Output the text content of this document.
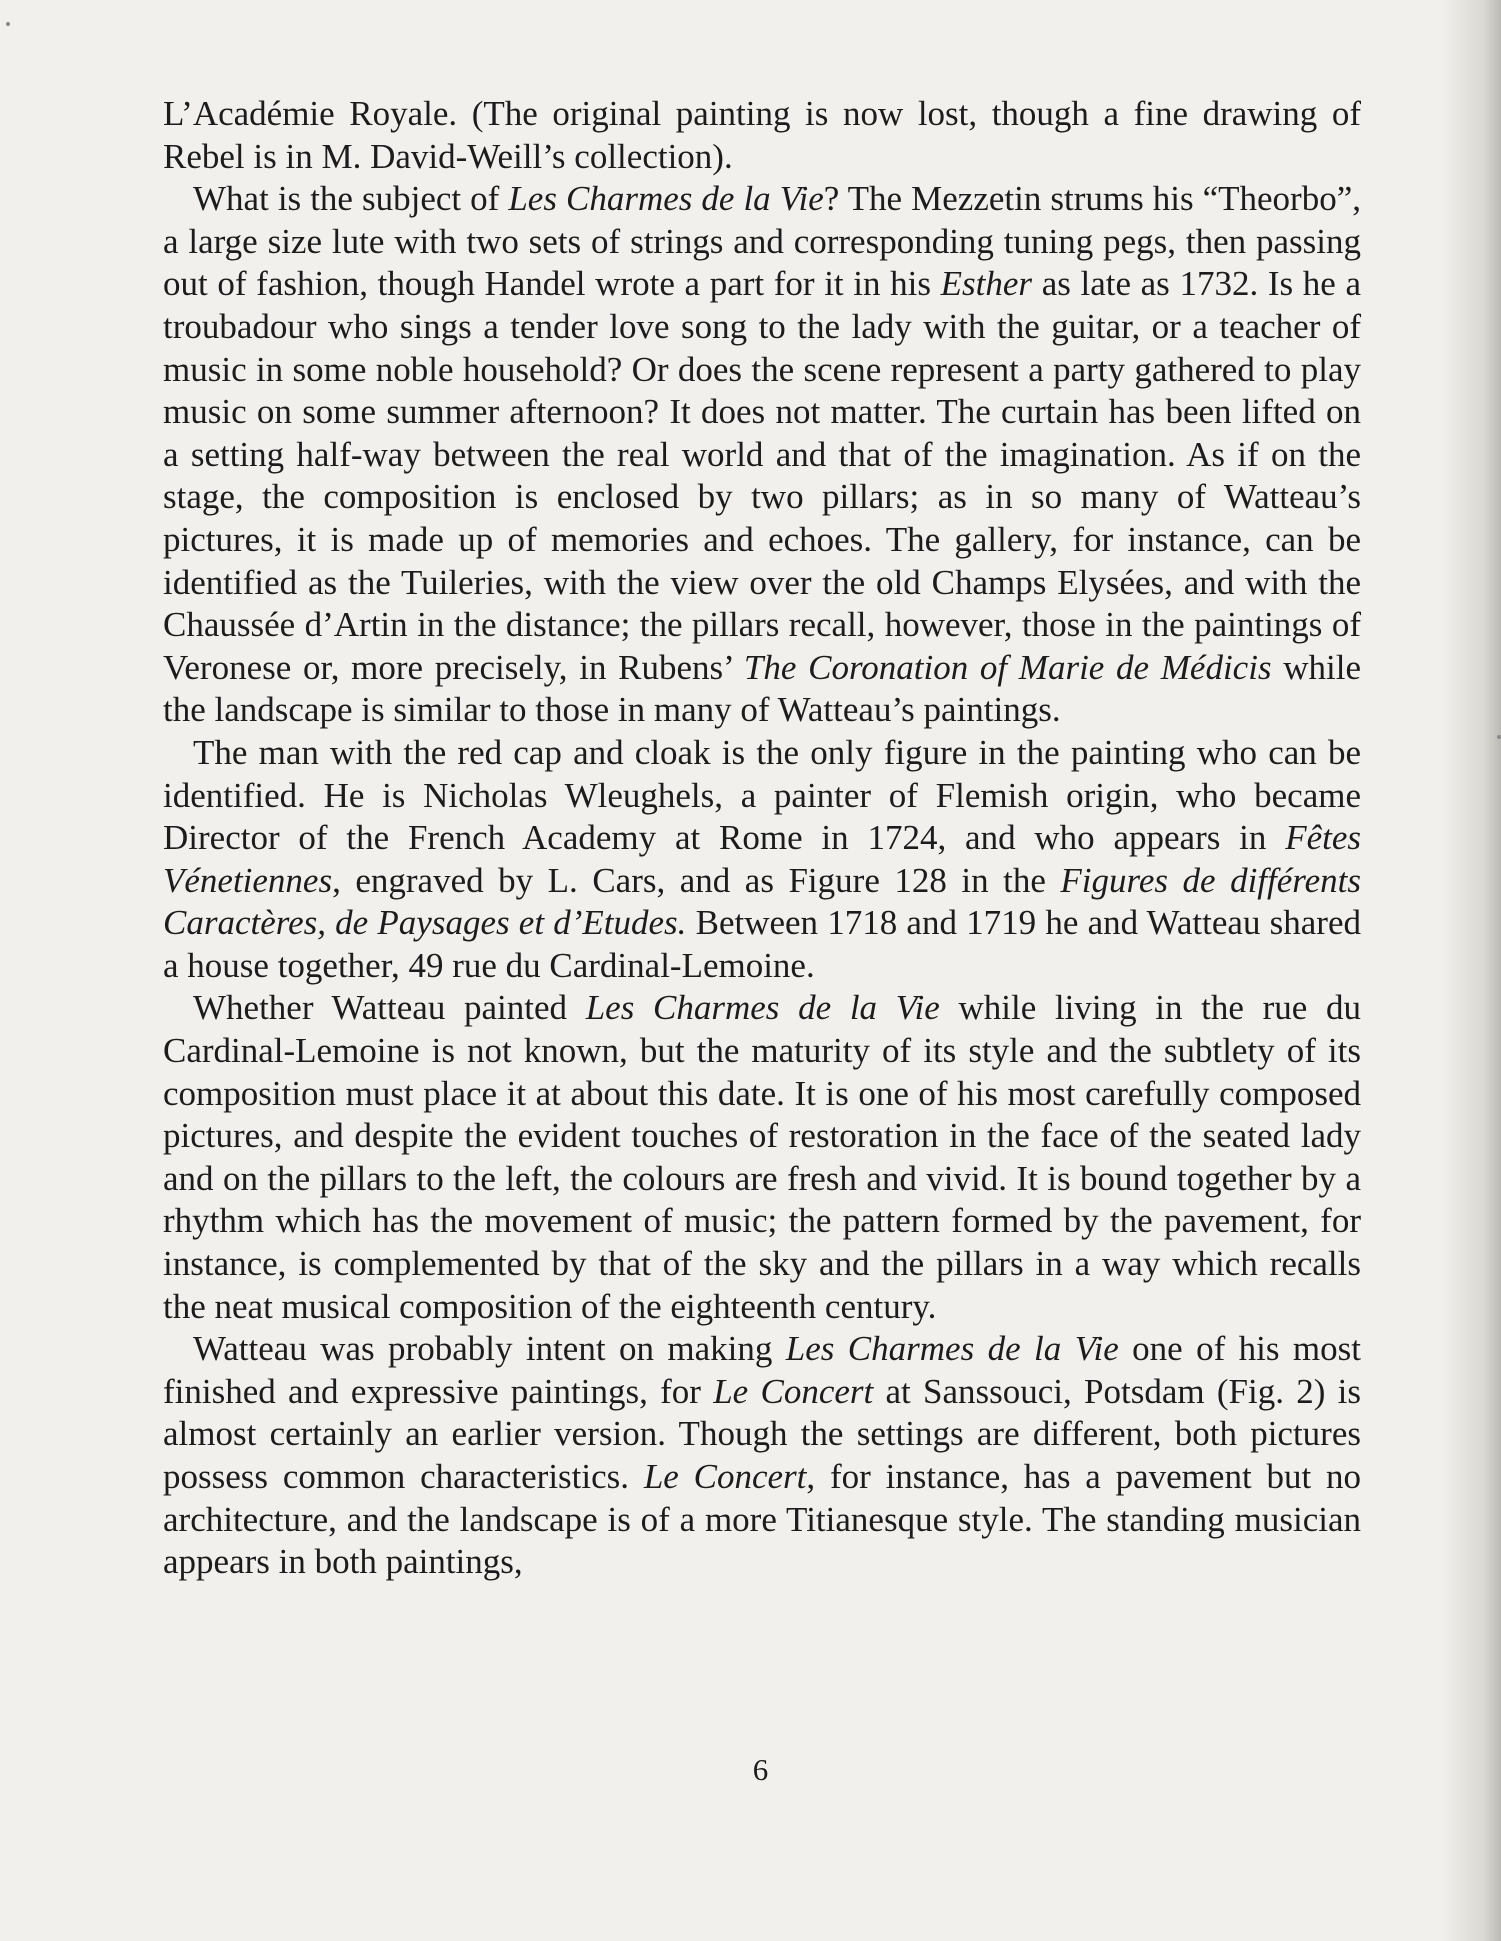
L’Académie Royale. (The original painting is now lost, though a fine drawing of Rebel is in M. David-Weill’s collection).

What is the subject of Les Charmes de la Vie? The Mezzetin strums his “Theorbo”, a large size lute with two sets of strings and corresponding tuning pegs, then passing out of fashion, though Handel wrote a part for it in his Esther as late as 1732. Is he a troubadour who sings a tender love song to the lady with the guitar, or a teacher of music in some noble household? Or does the scene represent a party gathered to play music on some summer afternoon? It does not matter. The curtain has been lifted on a setting half-way between the real world and that of the imagination. As if on the stage, the composition is enclosed by two pillars; as in so many of Watteau’s pictures, it is made up of memories and echoes. The gallery, for instance, can be identified as the Tuileries, with the view over the old Champs Elysées, and with the Chaussée d’Artin in the distance; the pillars recall, however, those in the paintings of Veronese or, more precisely, in Rubens’ The Coronation of Marie de Médicis while the landscape is similar to those in many of Watteau’s paintings.

The man with the red cap and cloak is the only figure in the painting who can be identified. He is Nicholas Wleughels, a painter of Flemish origin, who became Director of the French Academy at Rome in 1724, and who appears in Fêtes Vénetiennes, engraved by L. Cars, and as Figure 128 in the Figures de différents Caractères, de Paysages et d’Etudes. Between 1718 and 1719 he and Watteau shared a house together, 49 rue du Cardinal-Lemoine.

Whether Watteau painted Les Charmes de la Vie while living in the rue du Cardinal-Lemoine is not known, but the maturity of its style and the subtlety of its composition must place it at about this date. It is one of his most carefully composed pictures, and despite the evident touches of restoration in the face of the seated lady and on the pillars to the left, the colours are fresh and vivid. It is bound together by a rhythm which has the movement of music; the pattern formed by the pavement, for instance, is complemented by that of the sky and the pillars in a way which recalls the neat musical composition of the eighteenth century.

Watteau was probably intent on making Les Charmes de la Vie one of his most finished and expressive paintings, for Le Concert at Sanssouci, Potsdam (Fig. 2) is almost certainly an earlier version. Though the settings are different, both pictures possess common characteristics. Le Concert, for instance, has a pavement but no architecture, and the landscape is of a more Titianesque style. The standing musician appears in both paintings,

6
